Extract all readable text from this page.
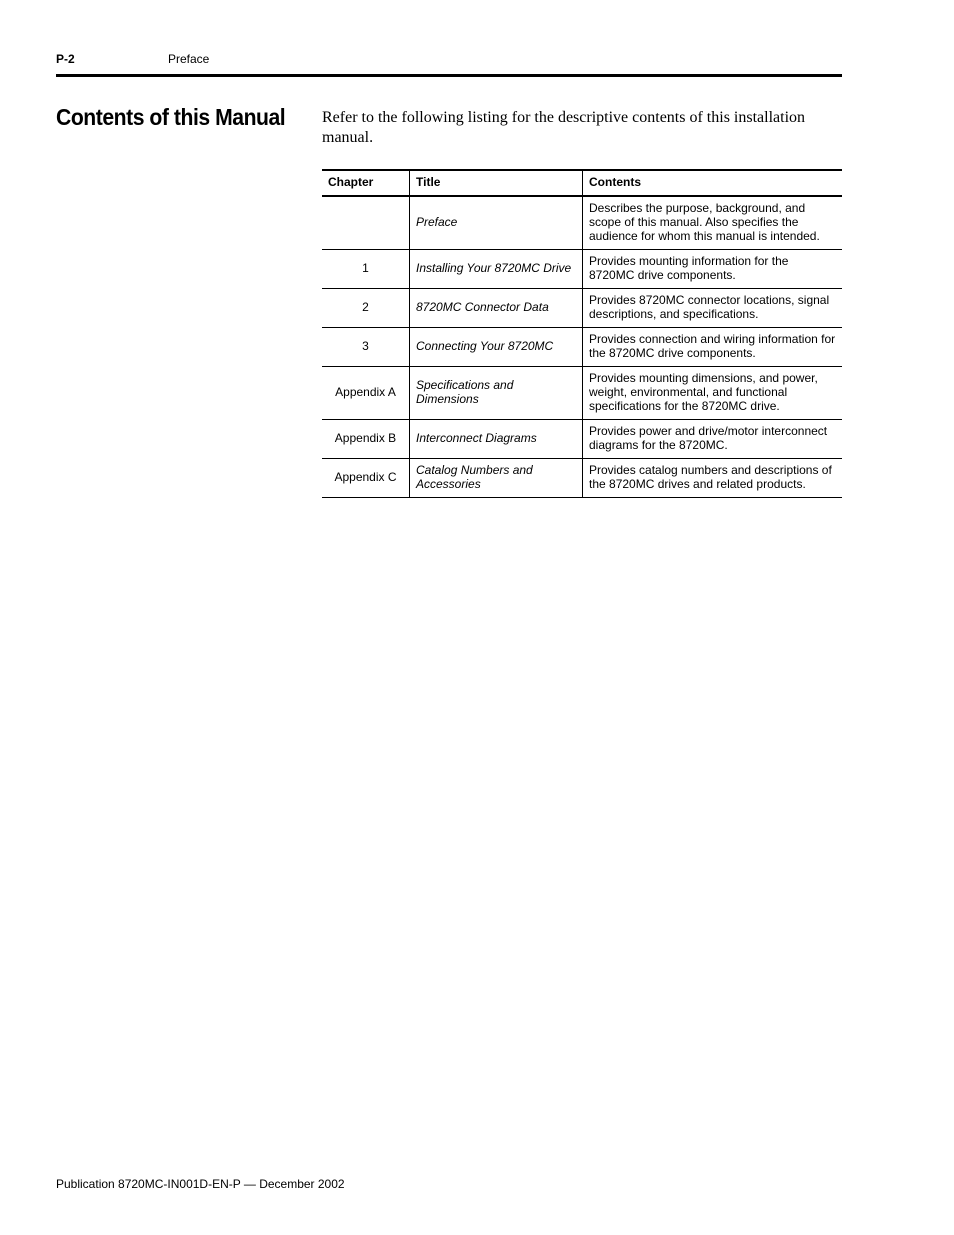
P-2	Preface
Contents of this Manual Refer to the following listing for the descriptive contents of this installation manual.

Chapter	Title	Contents
	Preface	Describes the purpose, background, and scope of this manual. Also specifies the audience for whom this manual is intended.
1	Installing Your 8720MC Drive	Provides mounting information for the 8720MC drive components.
2	8720MC Connector Data	Provides 8720MC connector locations, signal descriptions, and specifications.
3	Connecting Your 8720MC	Provides connection and wiring information for the 8720MC drive components.
Appendix A	Specifications and Dimensions	Provides mounting dimensions, and power, weight, environmental, and functional specifications for the 8720MC drive.
Appendix B	Interconnect Diagrams	Provides power and drive/motor interconnect diagrams for the 8720MC.
Appendix C	Catalog Numbers and Accessories	Provides catalog numbers and descriptions of the 8720MC drives and related products.
Publication 8720MC-IN001D-EN-P — December 2002
